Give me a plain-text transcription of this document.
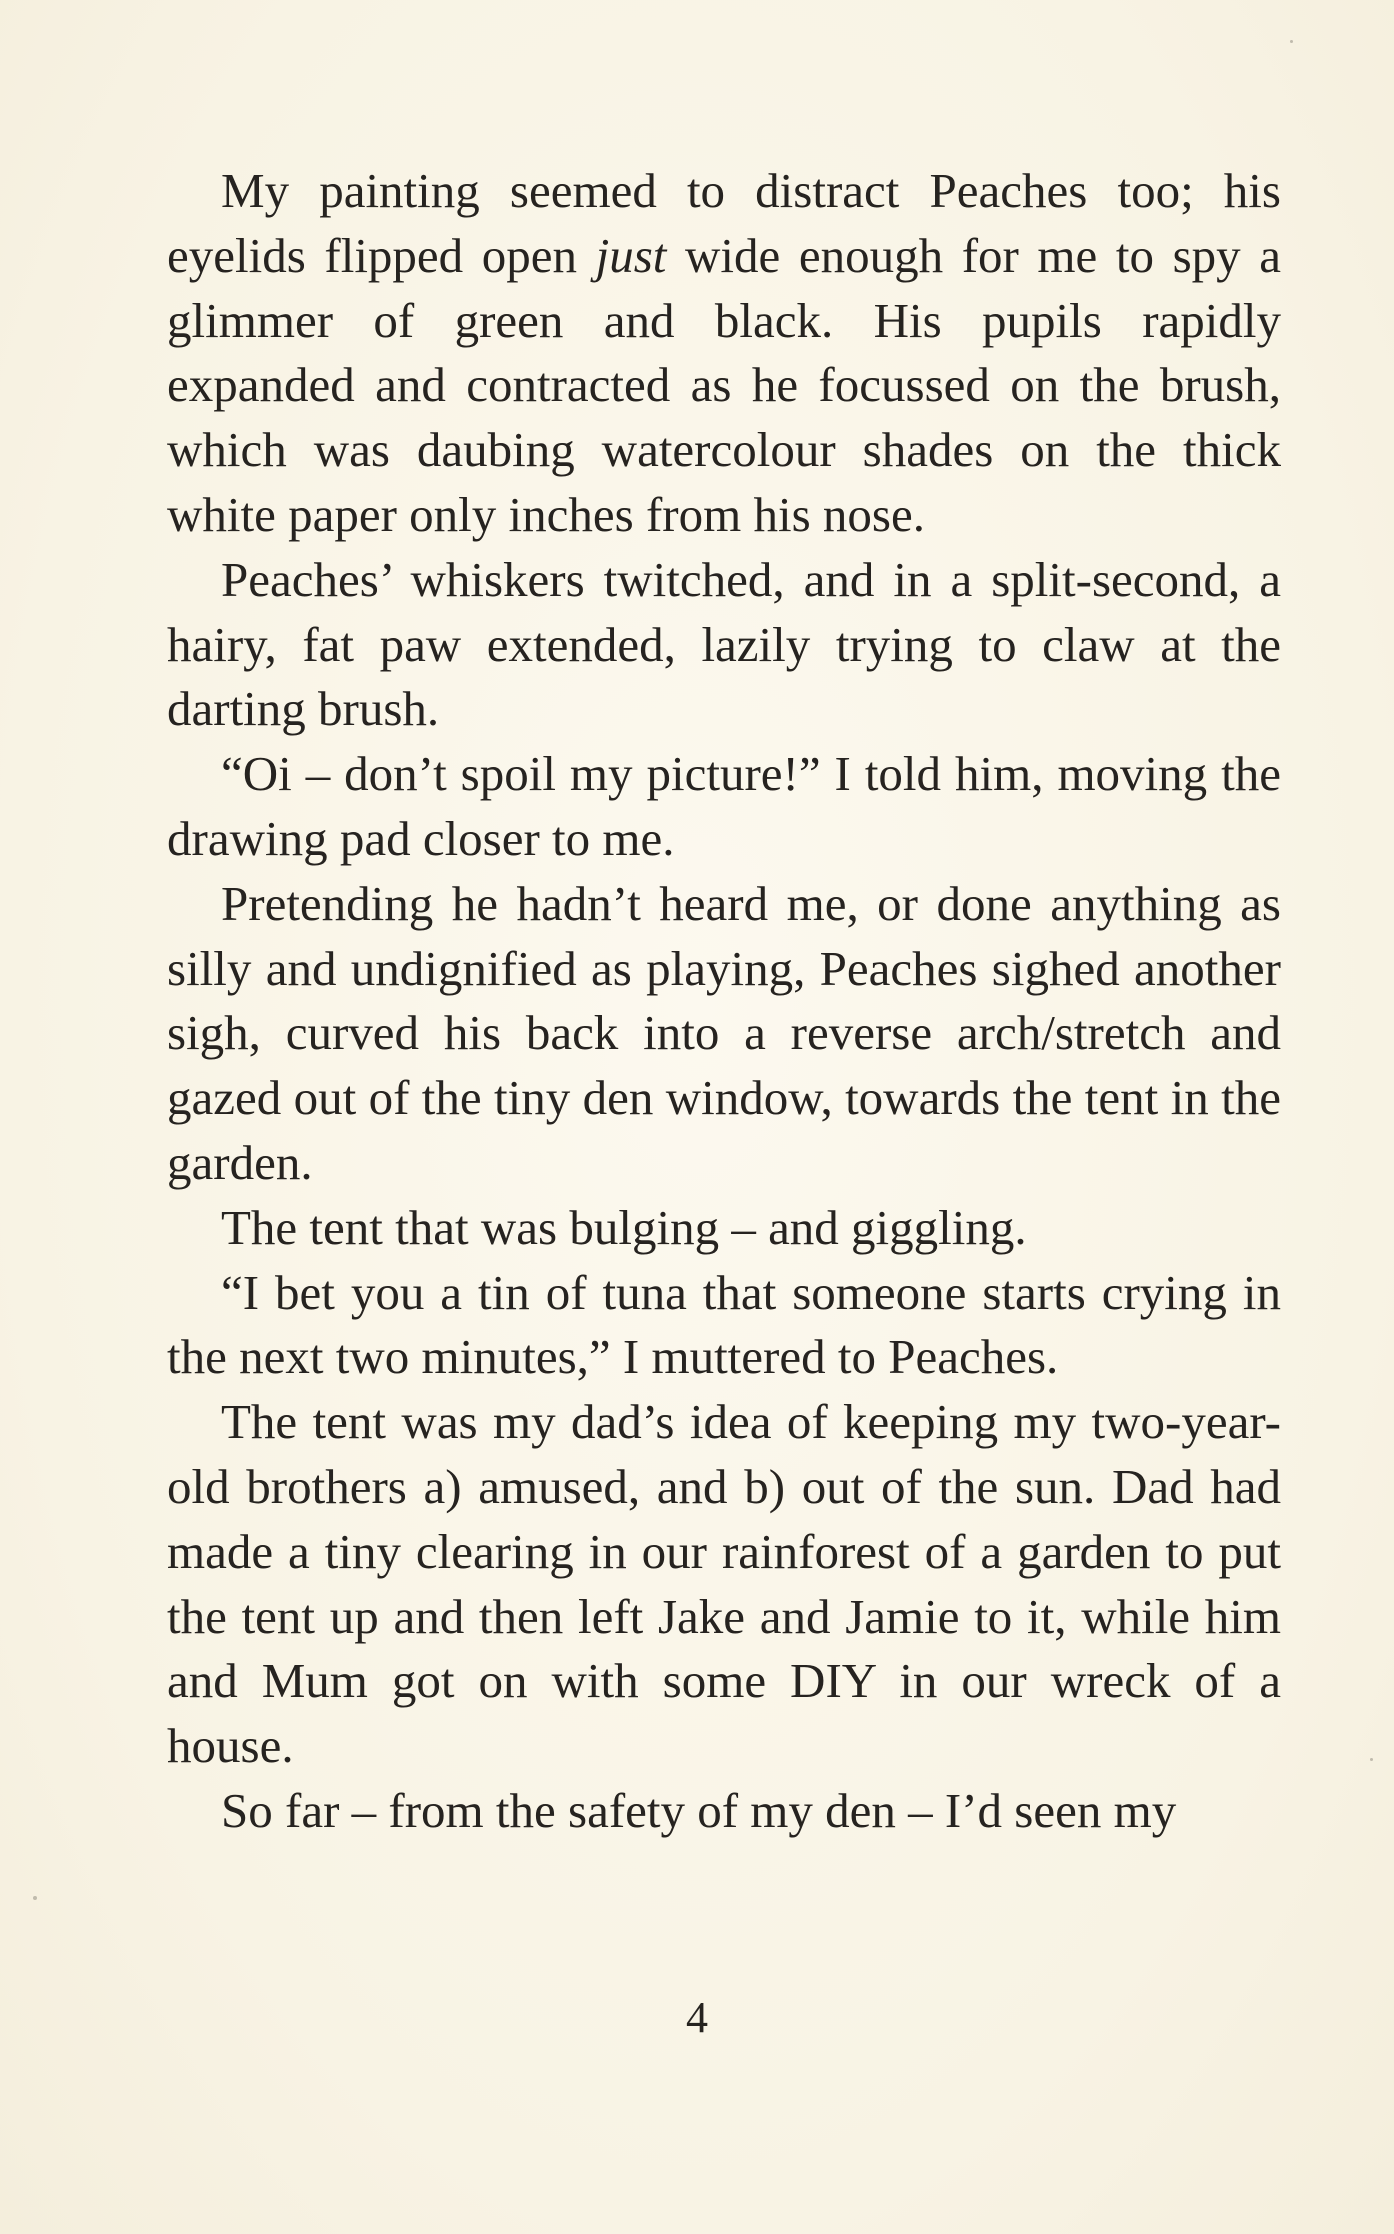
My painting seemed to distract Peaches too; his eyelids flipped open just wide enough for me to spy a glimmer of green and black. His pupils rapidly expanded and contracted as he focussed on the brush, which was daubing watercolour shades on the thick white paper only inches from his nose.

Peaches’ whiskers twitched, and in a split-second, a hairy, fat paw extended, lazily trying to claw at the darting brush.

“Oi – don’t spoil my picture!” I told him, moving the drawing pad closer to me.

Pretending he hadn’t heard me, or done anything as silly and undignified as playing, Peaches sighed another sigh, curved his back into a reverse arch/stretch and gazed out of the tiny den window, towards the tent in the garden.

The tent that was bulging – and giggling.

“I bet you a tin of tuna that someone starts crying in the next two minutes,” I muttered to Peaches.

The tent was my dad’s idea of keeping my two-year-old brothers a) amused, and b) out of the sun. Dad had made a tiny clearing in our rainforest of a garden to put the tent up and then left Jake and Jamie to it, while him and Mum got on with some DIY in our wreck of a house.

So far – from the safety of my den – I’d seen my

4
